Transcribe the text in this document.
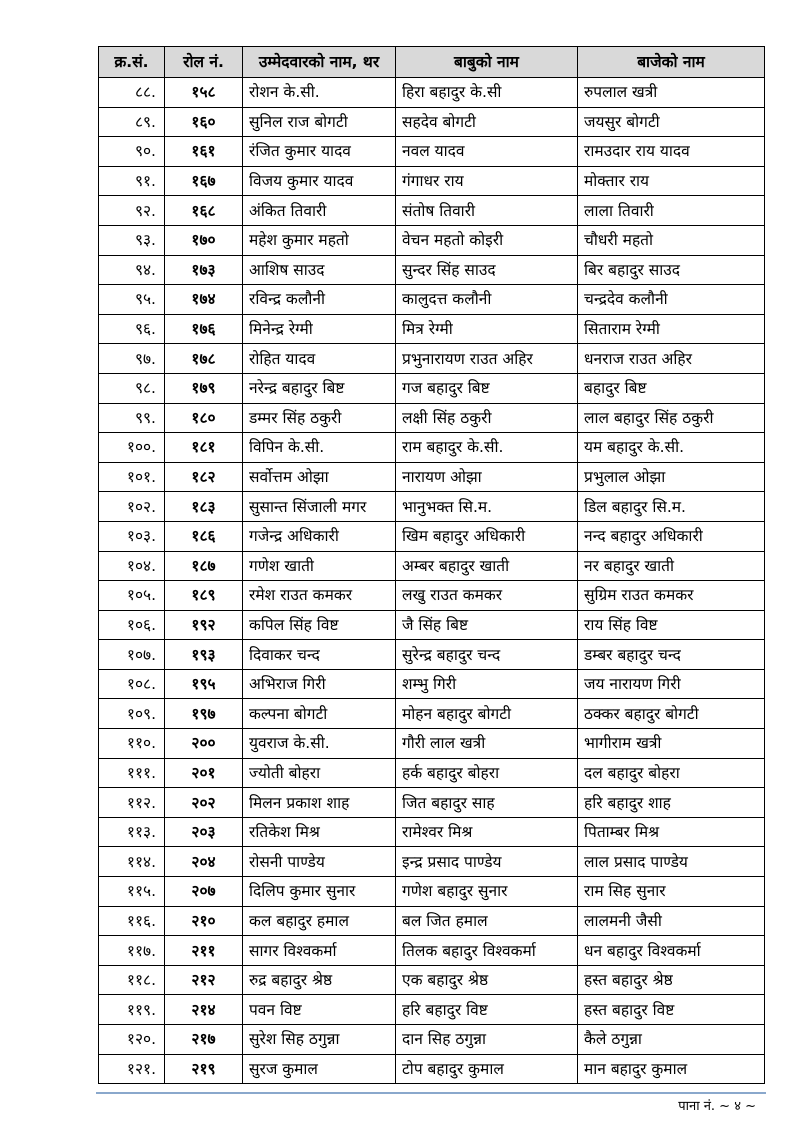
क्र.सं.	रोल नं.	उम्मेदवारको नाम, थर	बाबुको नाम	बाजेको नाम
८८.	१५८	रोशन के.सी.	हिरा बहादुर के.सी	रुपलाल खत्री
८९.	१६०	सुनिल राज बोगटी	सहदेव बोगटी	जयसुर बोगटी
९०.	१६१	रंजित कुमार यादव	नवल यादव	रामउदार राय यादव
९१.	१६७	विजय कुमार यादव	गंगाधर राय	मोक्तार राय
९२.	१६८	अंकित तिवारी	संतोष तिवारी	लाला तिवारी
९३.	१७०	महेश कुमार महतो	वेचन महतो कोइरी	चौधरी महतो
९४.	१७३	आशिष साउद	सुन्दर सिंह साउद	बिर बहादुर साउद
९५.	१७४	रविन्द्र कलौनी	कालुदत्त कलौनी	चन्द्रदेव कलौनी
९६.	१७६	मिनेन्द्र रेग्मी	मित्र रेग्मी	सिताराम रेग्मी
९७.	१७८	रोहित यादव	प्रभुनारायण राउत अहिर	धनराज राउत अहिर
९८.	१७९	नरेन्द्र बहादुर बिष्ट	गज बहादुर बिष्ट	बहादुर बिष्ट
९९.	१८०	डम्मर सिंह ठकुरी	लक्षी सिंह ठकुरी	लाल बहादुर सिंह ठकुरी
१००.	१८१	विपिन के.सी.	राम बहादुर के.सी.	यम बहादुर के.सी.
१०१.	१८२	सर्वोत्तम ओझा	नारायण ओझा	प्रभुलाल ओझा
१०२.	१८३	सुसान्त सिंजाली मगर	भानुभक्त सि.म.	डिल बहादुर सि.म.
१०३.	१८६	गजेन्द्र अधिकारी	खिम बहादुर अधिकारी	नन्द बहादुर अधिकारी
१०४.	१८७	गणेश खाती	अम्बर बहादुर खाती	नर बहादुर खाती
१०५.	१८९	रमेश राउत कमकर	लखु राउत कमकर	सुग्रिम राउत कमकर
१०६.	१९२	कपिल सिंह विष्ट	जै सिंह बिष्ट	राय सिंह विष्ट
१०७.	१९३	दिवाकर चन्द	सुरेन्द्र बहादुर चन्द	डम्बर बहादुर चन्द
१०८.	१९५	अभिराज गिरी	शम्भु गिरी	जय नारायण गिरी
१०९.	१९७	कल्पना बोगटी	मोहन बहादुर बोगटी	ठक्कर बहादुर बोगटी
११०.	२००	युवराज के.सी.	गौरी लाल खत्री	भागीराम खत्री
१११.	२०१	ज्योती बोहरा	हर्क बहादुर बोहरा	दल बहादुर बोहरा
११२.	२०२	मिलन प्रकाश शाह	जित बहादुर साह	हरि बहादुर शाह
११३.	२०३	रतिकेश मिश्र	रामेश्वर मिश्र	पिताम्बर मिश्र
११४.	२०४	रोसनी पाण्डेय	इन्द्र प्रसाद पाण्डेय	लाल प्रसाद पाण्डेय
११५.	२०७	दिलिप कुमार सुनार	गणेश बहादुर सुनार	राम सिह सुनार
११६.	२१०	कल बहादुर हमाल	बल जित हमाल	लालमनी जैसी
११७.	२११	सागर विश्वकर्मा	तिलक बहादुर विश्वकर्मा	धन बहादुर विश्वकर्मा
११८.	२१२	रुद्र बहादुर श्रेष्ठ	एक बहादुर श्रेष्ठ	हस्त बहादुर श्रेष्ठ
११९.	२१४	पवन विष्ट	हरि बहादुर विष्ट	हस्त बहादुर विष्ट
१२०.	२१७	सुरेश सिह ठगुन्ना	दान सिह ठगुन्ना	कैले ठगुन्ना
१२१.	२१९	सुरज कुमाल	टोप बहादुर कुमाल	मान बहादुर कुमाल
पाना नं. ~ ४ ~
